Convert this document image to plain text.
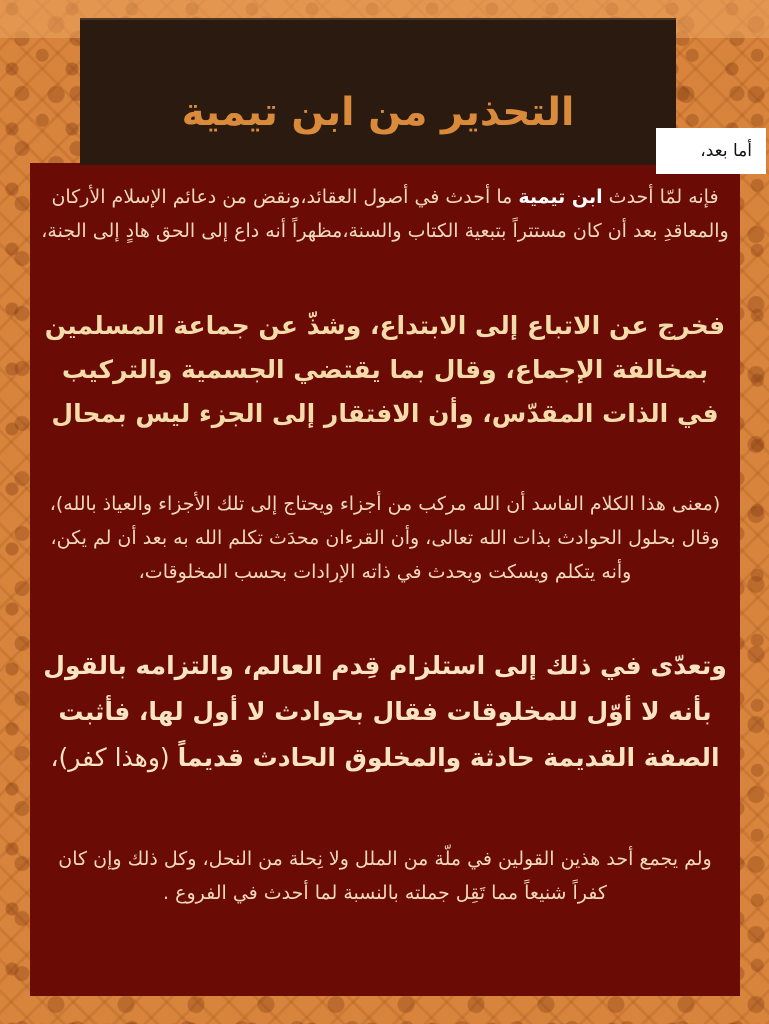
التحذير من ابن تيمية
أما بعد،
فإنه لمّا أحدث ابن تيمية ما أحدث في أصول العقائد،ونقض من دعائم الإسلام الأركان والمعاقدِ بعد أن كان مستتراً بتبعية الكتاب والسنة،مظهراً أنه داع إلى الحق هادٍ إلى الجنة،
فخرج عن الاتباع إلى الابتداع، وشذّ عن جماعة المسلمين بمخالفة الإجماع، وقال بما يقتضي الجسمية والتركيب في الذات المقدّس، وأن الافتقار إلى الجزء ليس بمحال
(معنى هذا الكلام الفاسد أن الله مركب من أجزاء ويحتاج إلى تلك الأجزاء والعياذ بالله)، وقال بحلول الحوادث بذات الله تعالى، وأن القرءان محدَث تكلم الله به بعد أن لم يكن، وأنه يتكلم ويسكت ويحدث في ذاته الإرادات بحسب المخلوقات،
وتعدّى في ذلك إلى استلزام قِدم العالم، والتزامه بالقول بأنه لا أوّل للمخلوقات فقال بحوادث لا أول لها، فأثبت الصفة القديمة حادثة والمخلوق الحادث قديماً (وهذا كفر)،
ولم يجمع أحد هذين القولين في ملّة من الملل ولا نِحلة من النحل، وكل ذلك وإن كان كفراً شنيعاً مما تَقِل جملته بالنسبة لما أحدث في الفروع .
